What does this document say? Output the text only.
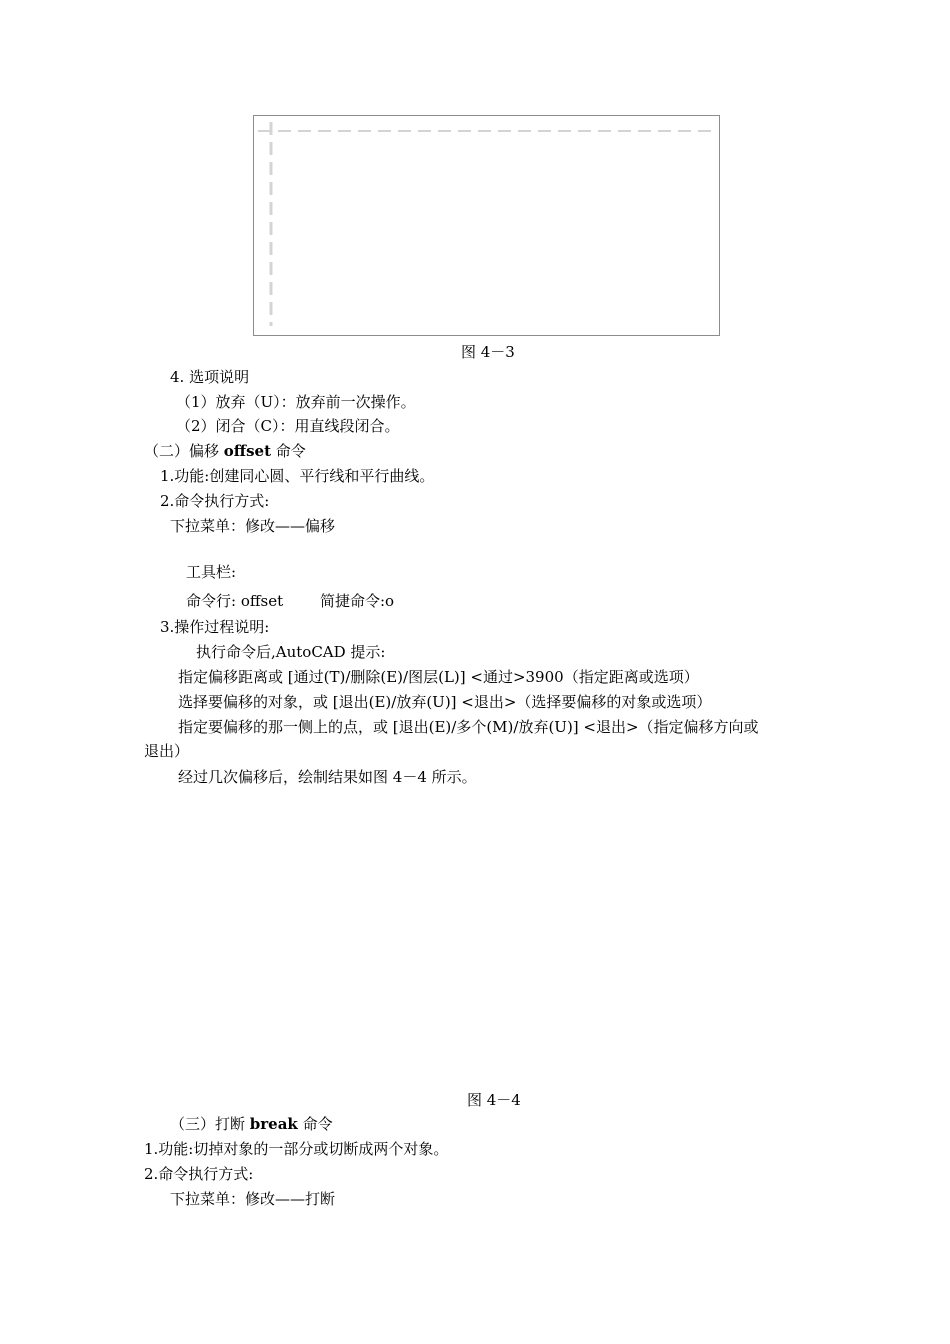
图 4－3
4. 选项说明
（1）放弃（U）：放弃前一次操作。
（2）闭合（C）：用直线段闭合。
（二）偏移 offset 命令
1.功能:创建同心圆、平行线和平行曲线。
2.命令执行方式:
下拉菜单：修改——偏移
工具栏:
命令行: offset 简捷命令:o
3.操作过程说明:
执行命令后,AutoCAD 提示:
指定偏移距离或 [通过(T)/删除(E)/图层(L)] <通过>3900（指定距离或选项）
选择要偏移的对象，或 [退出(E)/放弃(U)] <退出>（选择要偏移的对象或选项）
指定要偏移的那一侧上的点，或 [退出(E)/多个(M)/放弃(U)] <退出>（指定偏移方向或
退出）
经过几次偏移后，绘制结果如图 4－4 所示。
图 4－4
（三）打断 break 命令
1.功能:切掉对象的一部分或切断成两个对象。
2.命令执行方式:
下拉菜单：修改——打断
